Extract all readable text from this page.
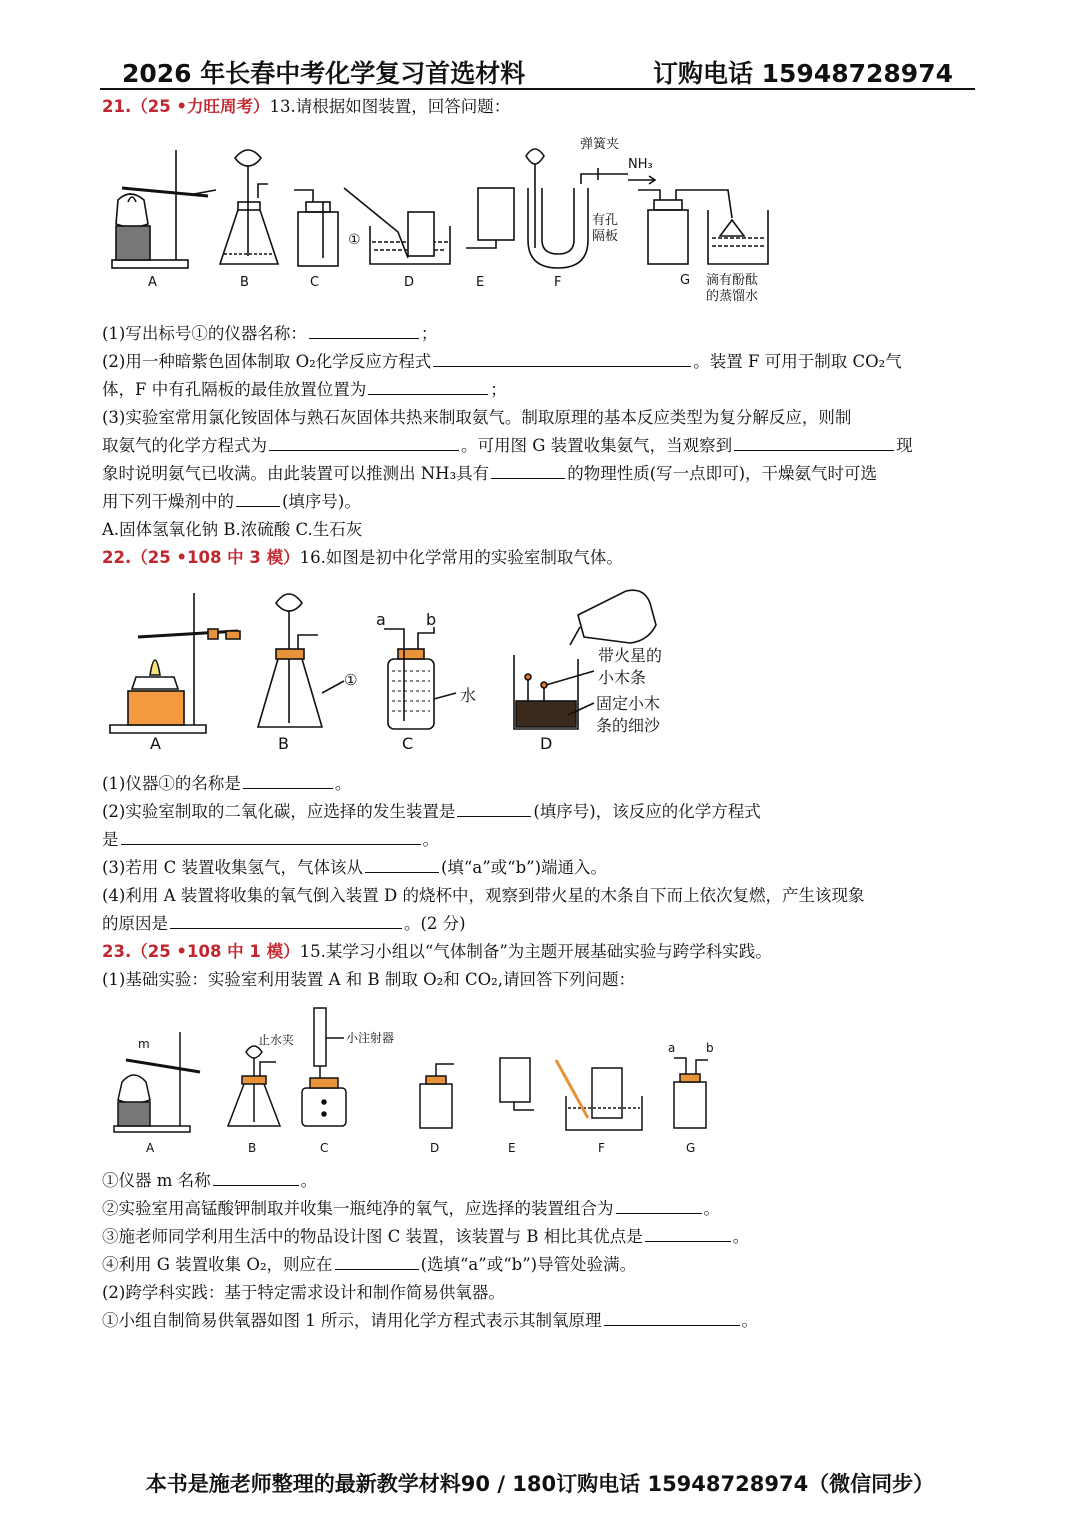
2026 年长春中考化学复习首选材料	订购电话 15948728974
21.（25 •力旺周考）13.请根据如图装置，回答问题：
A	B	C	D	E	F	G
①
弹簧夹
有孔
隔板
NH₃
滴有酚酞
的蒸馏水
(1)写出标号①的仪器名称：	；
(2)用一种暗紫色固体制取 O₂化学反应方程式	。装置 F 可用于制取 CO₂气
体，F 中有孔隔板的最佳放置位置为	；
(3)实验室常用氯化铵固体与熟石灰固体共热来制取氨气。制取原理的基本反应类型为复分解反应，则制
取氨气的化学方程式为	。可用图 G 装置收集氨气，当观察到	现
象时说明氨气已收满。由此装置可以推测出 NH₃具有	的物理性质(写一点即可)，干燥氨气时可选
用下列干燥剂中的	(填序号)。
A.固体氢氧化钠 B.浓硫酸 C.生石灰
22.（25 •108 中 3 模）16.如图是初中化学常用的实验室制取气体。
A	B	C	D
a	b
①
水
带火星的
小木条
固定小木
条的细沙
(1)仪器①的名称是	。
(2)实验室制取的二氧化碳，应选择的发生装置是	(填序号)，该反应的化学方程式
是	。
(3)若用 C 装置收集氢气，气体该从	(填“a”或“b”)端通入。
(4)利用 A 装置将收集的氧气倒入装置 D 的烧杯中，观察到带火星的木条自下而上依次复燃，产生该现象
的原因是	。(2 分)
23.（25 •108 中 1 模）15.某学习小组以“气体制备”为主题开展基础实验与跨学科实践。
(1)基础实验：实验室利用装置 A 和 B 制取 O₂和 CO₂,请回答下列问题：
A	B	C	D	E	F	G
m	止水夹	小注射器
a	b
①仪器 m 名称	。
②实验室用高锰酸钾制取并收集一瓶纯净的氧气，应选择的装置组合为	。
③施老师同学利用生活中的物品设计图 C 装置，该装置与 B 相比其优点是	。
④利用 G 装置收集 O₂，则应在	(选填“a”或“b”)导管处验满。
(2)跨学科实践：基于特定需求设计和制作简易供氧器。
①小组自制简易供氧器如图 1 所示，请用化学方程式表示其制氧原理	。
本书是施老师整理的最新教学材料90 / 180订购电话 15948728974（微信同步）
